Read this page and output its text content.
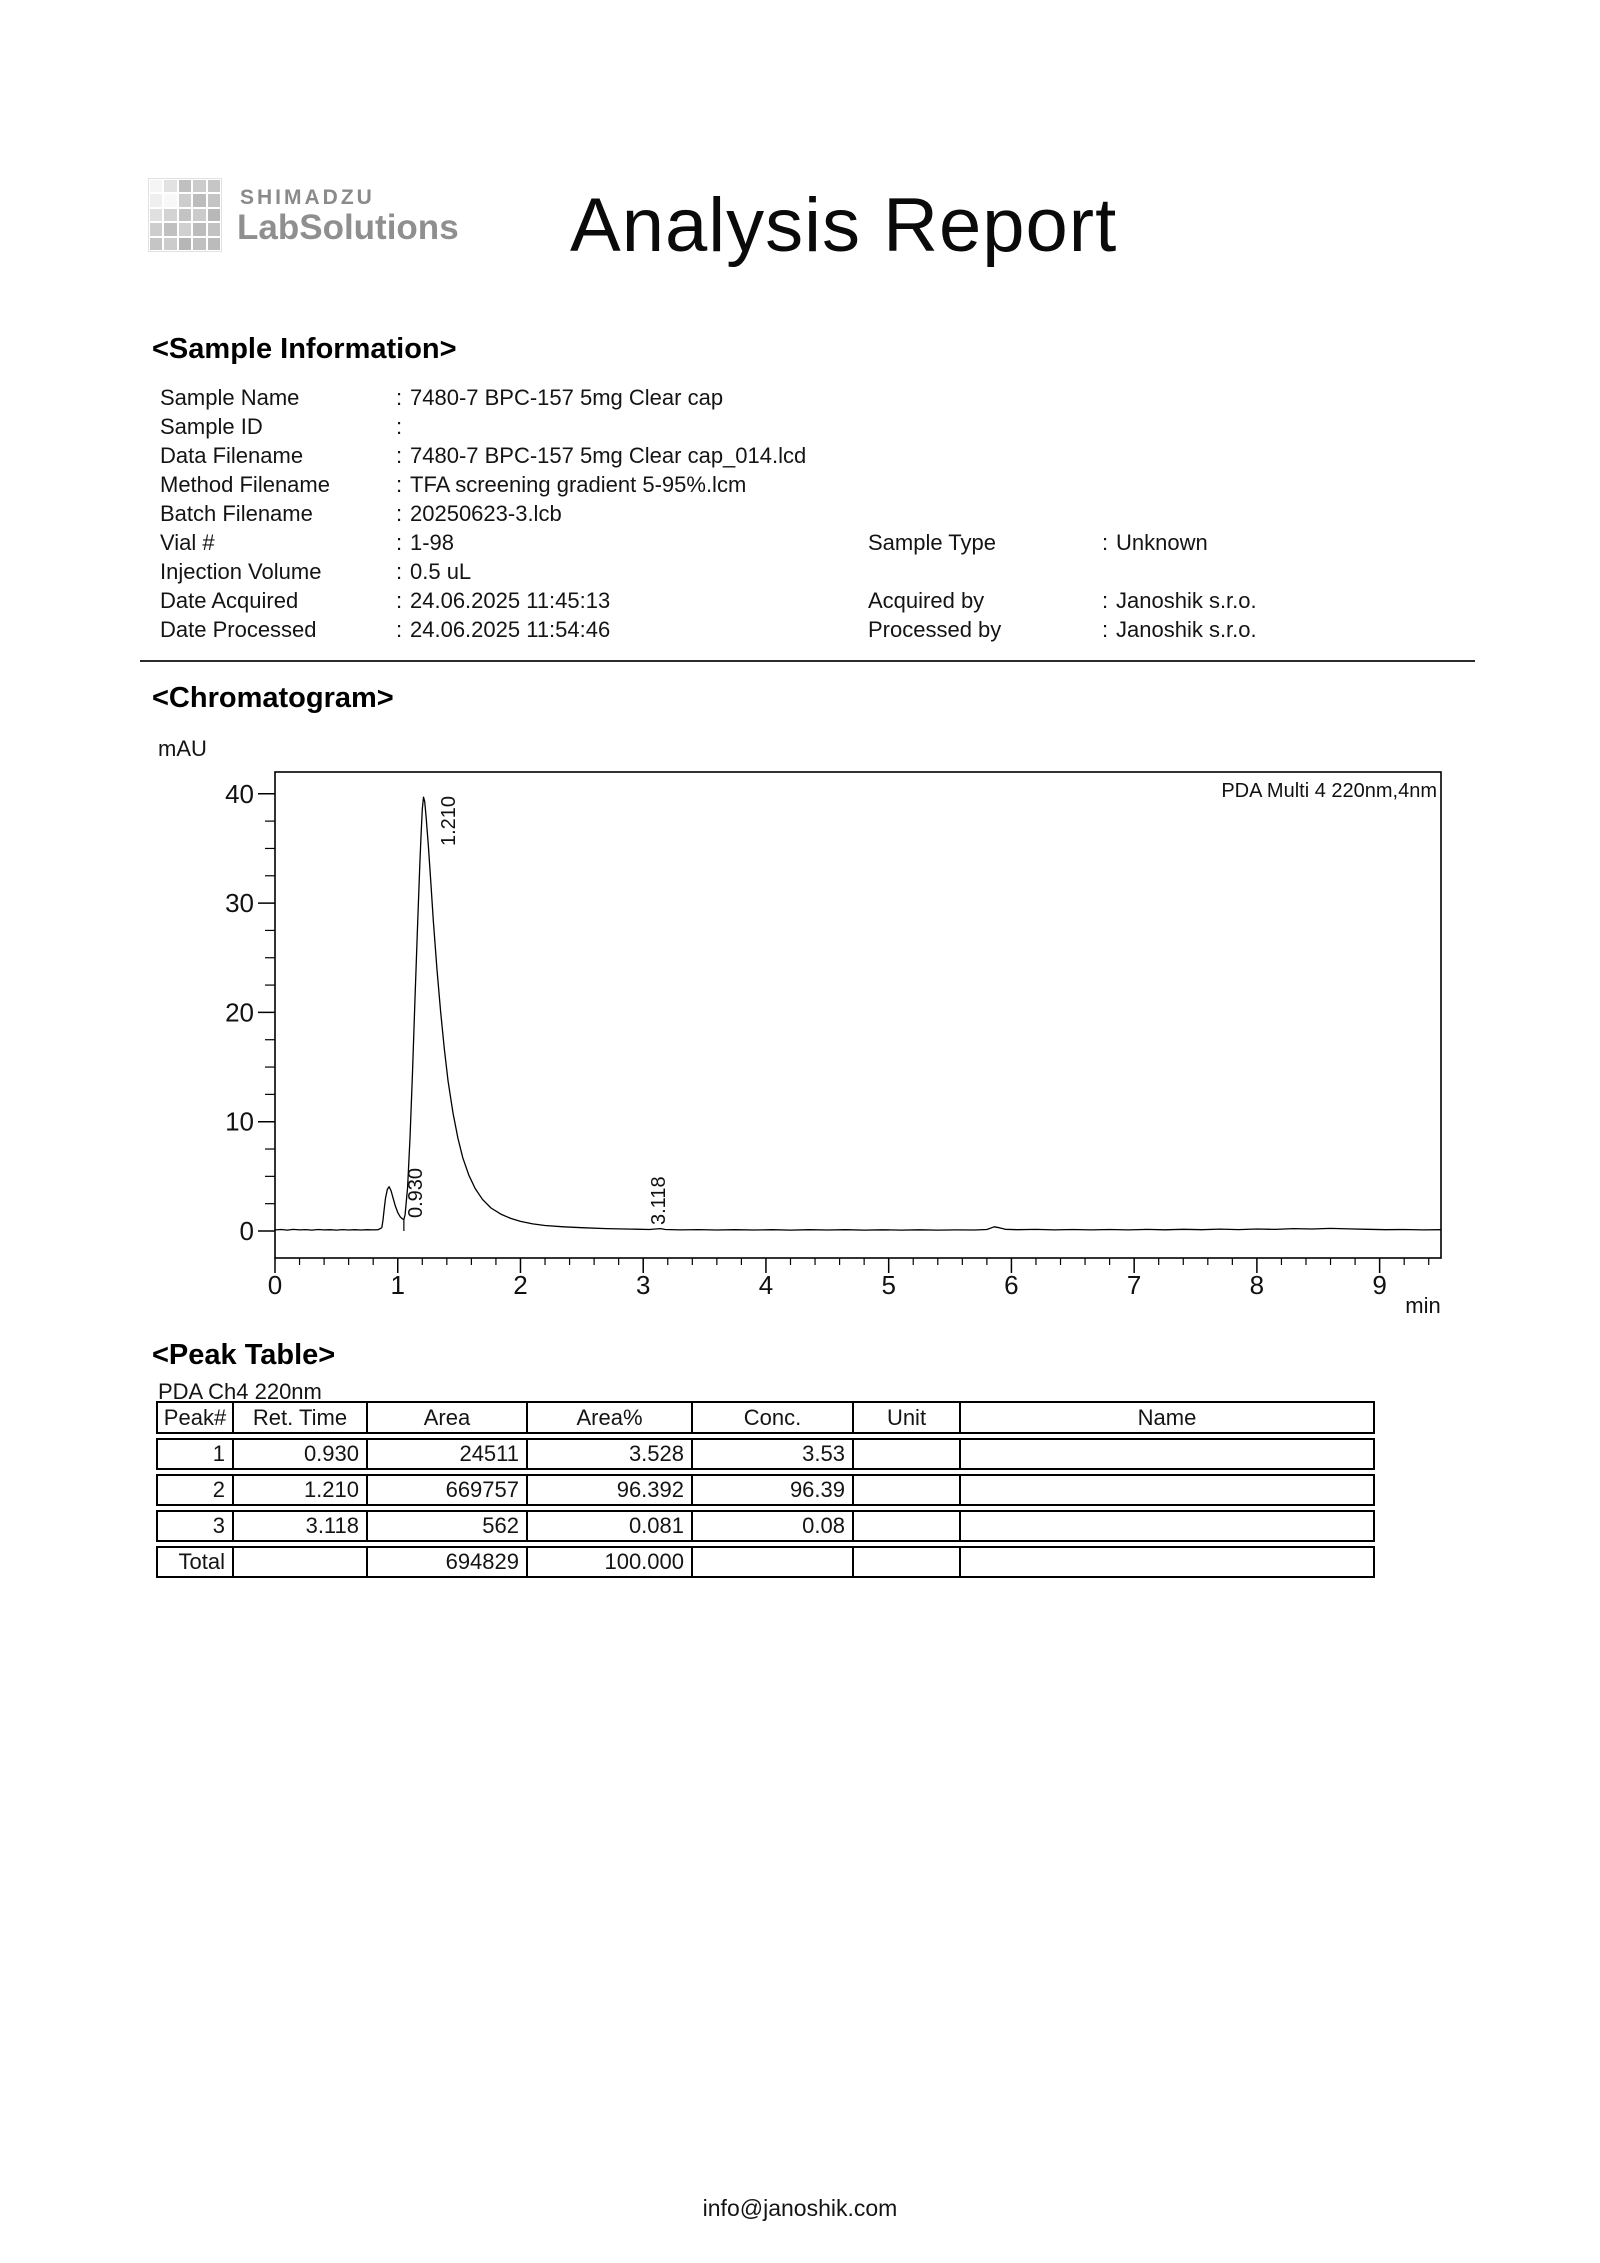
SHIMADZU
LabSolutions Analysis Report
<Sample Information>
Sample Name	: 7480-7 BPC-157 5mg Clear cap
Sample ID	:
Data Filename	: 7480-7 BPC-157 5mg Clear cap_014.lcd
Method Filename	: TFA screening gradient 5-95%.lcm
Batch Filename	: 20250623-3.lcb
Vial #	: 1-98
Injection Volume	: 0.5 uL
Date Acquired	: 24.06.2025 11:45:13
Date Processed	: 24.06.2025 11:54:46
Sample Type	: Unknown
Acquired by	: Janoshik s.r.o.
Processed by	: Janoshik s.r.o.
<Chromatogram>
mAU
0	1	2	3	4	5	6	7	8	9
0
10
20
30
40	PDA Multi 4 220nm,4nm
min
0.930
1.210
3.118
<Peak Table>
PDA Ch4 220nm
Peak#	Ret. Time	Area	Area%	Conc.	Unit	Name
1	0.930	24511	3.528	3.53		
2	1.210	669757	96.392	96.39		
3	3.118	562	0.081	0.08		
Total		694829	100.000			
info@janoshik.com
